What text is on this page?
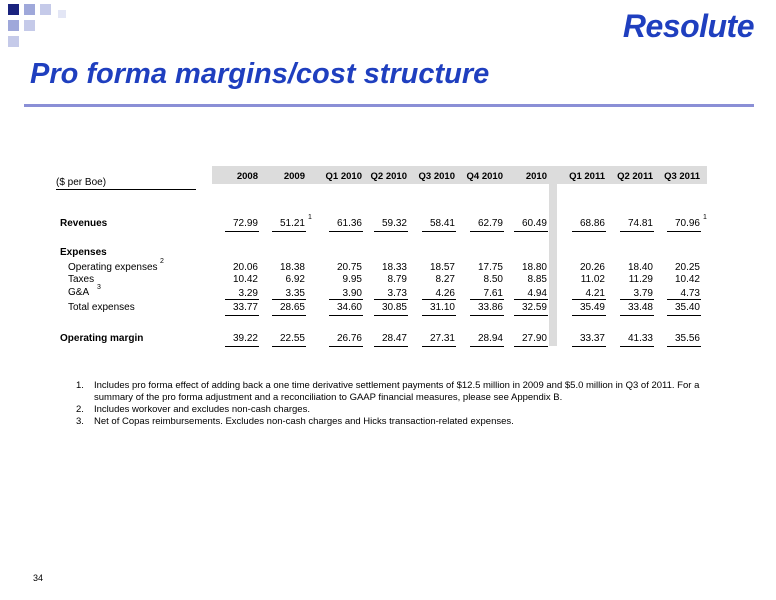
Resolute
Pro forma margins/cost structure
($ per Boe)
2008	2009	Q1 2010 Q2 2010	Q3 2010	Q4 2010	2010	Q1 2011	Q2 2011	Q3 2011
Revenues	72.99	51.21	61.36	59.32	58.41	62.79	60.49	68.86	74.81	70.96
Operating expenses	20.06	18.38	20.75	18.33	18.57	17.75	18.80	20.26	18.40	20.25
Taxes	10.42	6.92	9.95	8.79	8.27	8.50	8.85	11.02	11.29	10.42
G&A	3.29	3.35	3.90	3.73	4.26	7.61	4.94	4.21	3.79	4.73
Total expenses	33.77	28.65	34.60	30.85	31.10	33.86	32.59	35.49	33.48	35.40
Operating margin	39.22	22.55	26.76	28.47	27.31	28.94	27.90	33.37	41.33	35.56
Expenses
1	1
2
3
1. Includes pro forma effect of adding back a one time derivative settlement payments of $12.5 million in 2009 and $5.0 million in Q3 of 2011. For a summary of the pro forma adjustment and a reconciliation to GAAP financial measures, please see Appendix B.
2. Includes workover and excludes non-cash charges.
3. Net of Copas reimbursements. Excludes non-cash charges and Hicks transaction-related expenses.
34
